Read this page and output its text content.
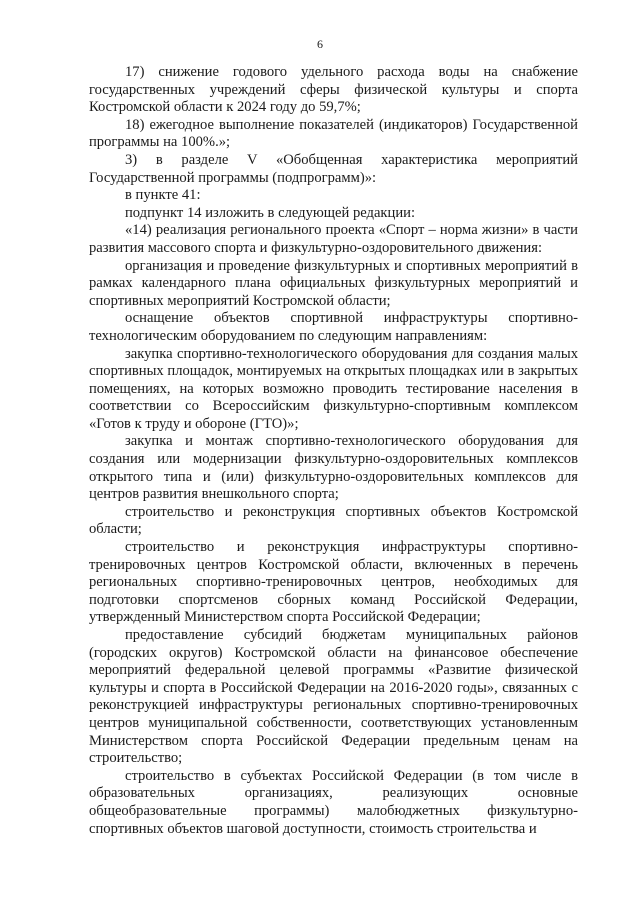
6

17) снижение годового удельного расхода воды на снабжение государственных учреждений сферы физической культуры и спорта Костромской области к 2024 году до 59,7%;

18) ежегодное выполнение показателей (индикаторов) Государственной программы на 100%.»;

3) в разделе V «Обобщенная характеристика мероприятий Государственной программы (подпрограмм)»:

в пункте 41:

подпункт 14 изложить в следующей редакции:

«14) реализация регионального проекта «Спорт – норма жизни» в части развития массового спорта и физкультурно-оздоровительного движения:

организация и проведение физкультурных и спортивных мероприятий в рамках календарного плана официальных физкультурных мероприятий и спортивных мероприятий Костромской области;

оснащение объектов спортивной инфраструктуры спортивно-технологическим оборудованием по следующим направлениям:

закупка спортивно-технологического оборудования для создания малых спортивных площадок, монтируемых на открытых площадках или в закрытых помещениях, на которых возможно проводить тестирование населения в соответствии со Всероссийским физкультурно-спортивным комплексом «Готов к труду и обороне (ГТО)»;

закупка и монтаж спортивно-технологического оборудования для создания или модернизации физкультурно-оздоровительных комплексов открытого типа и (или) физкультурно-оздоровительных комплексов для центров развития внешкольного спорта;

строительство и реконструкция спортивных объектов Костромской области;

строительство и реконструкция инфраструктуры спортивно-тренировочных центров Костромской области, включенных в перечень региональных спортивно-тренировочных центров, необходимых для подготовки спортсменов сборных команд Российской Федерации, утвержденный Министерством спорта Российской Федерации;

предоставление субсидий бюджетам муниципальных районов (городских округов) Костромской области на финансовое обеспечение мероприятий федеральной целевой программы «Развитие физической культуры и спорта в Российской Федерации на 2016-2020 годы», связанных с реконструкцией инфраструктуры региональных спортивно-тренировочных центров муниципальной собственности, соответствующих установленным Министерством спорта Российской Федерации предельным ценам на строительство;

строительство в субъектах Российской Федерации (в том числе в образовательных организациях, реализующих основные общеобразовательные программы) малобюджетных физкультурно-спортивных объектов шаговой доступности, стоимость строительства и
